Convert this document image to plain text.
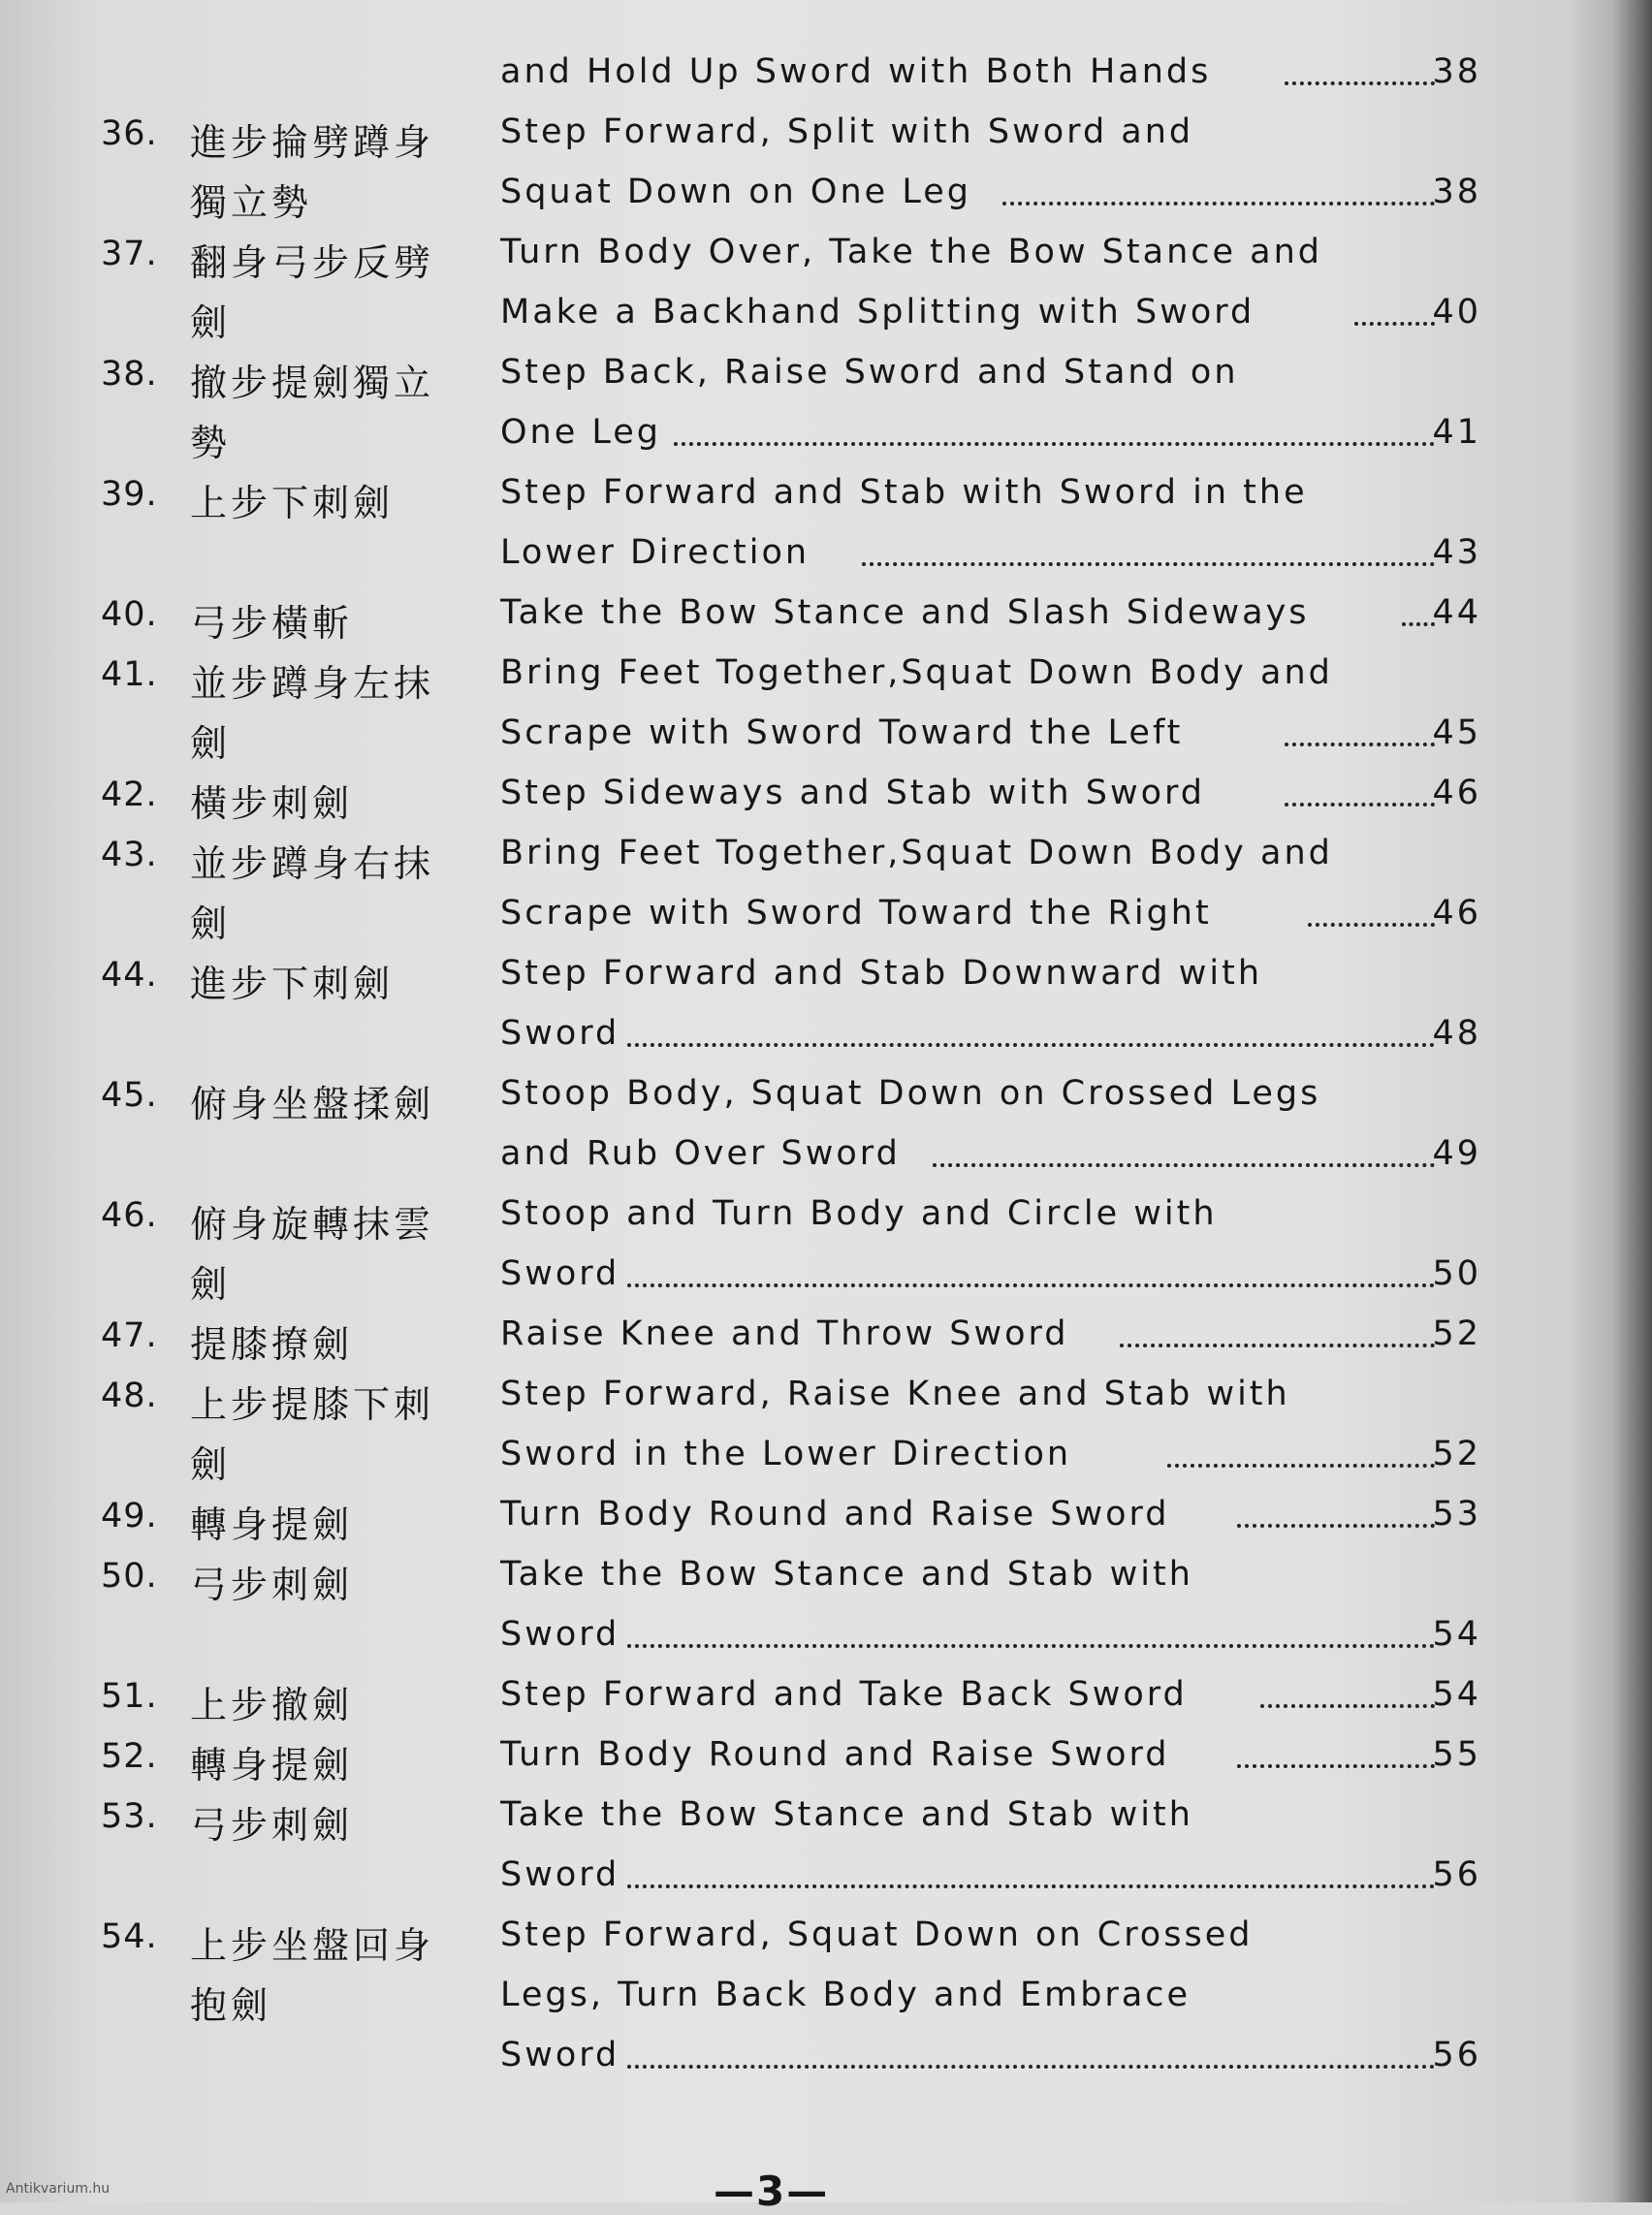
and Hold Up Sword with Both Hands	38
36. 進步掄劈蹲身 Step Forward, Split with Sword and
獨立勢	Squat Down on One Leg	38
37. 翻身弓步反劈 Turn Body Over, Take the Bow Stance and
劍	Make a Backhand Splitting with Sword	40
38. 撤步提劍獨立 Step Back, Raise Sword and Stand on
勢	One Leg	41
39. 上步下刺劍	Step Forward and Stab with Sword in the
Lower Direction	43
40. 弓步橫斬	Take the Bow Stance and Slash Sideways	44
41. 並步蹲身左抹 Bring Feet Together,Squat Down Body and
劍	Scrape with Sword Toward the Left	45
42. 橫步刺劍	Step Sideways and Stab with Sword	46
43. 並步蹲身右抹 Bring Feet Together,Squat Down Body and
劍	Scrape with Sword Toward the Right	46
44. 進步下刺劍	Step Forward and Stab Downward with
Sword	48
45. 俯身坐盤揉劍 Stoop Body, Squat Down on Crossed Legs
and Rub Over Sword	49
46. 俯身旋轉抹雲 Stoop and Turn Body and Circle with
劍	Sword	50
47. 提膝撩劍	Raise Knee and Throw Sword	52
48. 上步提膝下刺 Step Forward, Raise Knee and Stab with
劍	Sword in the Lower Direction	52
49. 轉身提劍	Turn Body Round and Raise Sword	53
50. 弓步刺劍	Take the Bow Stance and Stab with
Sword	54
51. 上步撤劍	Step Forward and Take Back Sword	54
52. 轉身提劍	Turn Body Round and Raise Sword	55
53. 弓步刺劍	Take the Bow Stance and Stab with
Sword	56
54. 上步坐盤回身 Step Forward, Squat Down on Crossed
抱劍	Legs, Turn Back Body and Embrace
Sword	56
—3—
Antikvarium.hu
